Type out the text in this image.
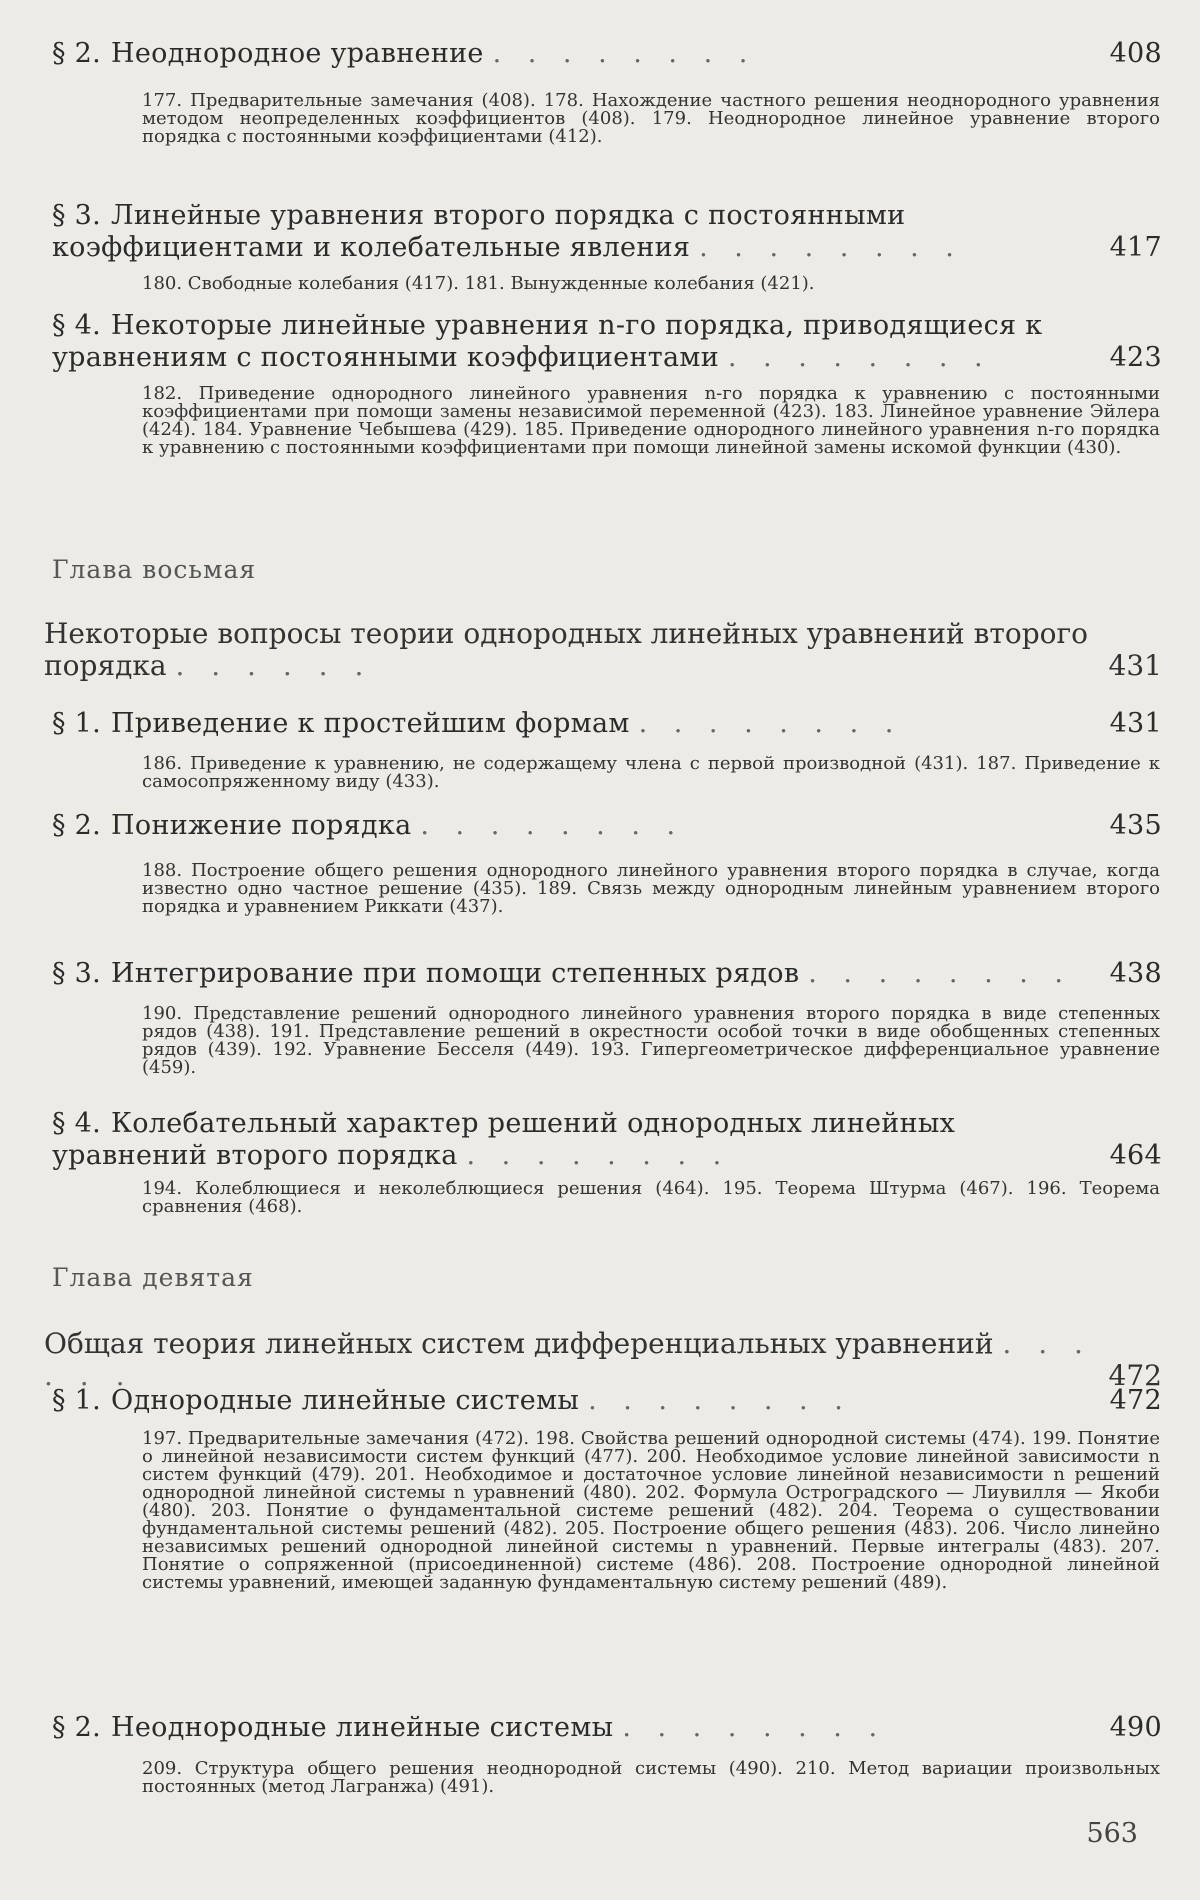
§ 2. Неоднородное уравнение . . . . . . . .	408
177. Предварительные замечания (408). 178. Нахождение частного решения неоднородного уравнения методом неопределенных коэффициентов (408). 179. Неоднородное линейное уравнение второго порядка с постоянными коэффициентами (412).
§ 3. Линейные уравнения второго порядка с постоянными коэффициентами и колебательные явления . . . . . . . .	417
180. Свободные колебания (417). 181. Вынужденные колебания (421).
§ 4. Некоторые линейные уравнения n-го порядка, приводящиеся к уравнениям с постоянными коэффициентами . . . . . . . .	423
182. Приведение однородного линейного уравнения n-го порядка к уравнению с постоянными коэффициентами при помощи замены независимой переменной (423). 183. Линейное уравнение Эйлера (424). 184. Уравнение Чебышева (429). 185. Приведение однородного линейного уравнения n-го порядка к уравнению с постоянными коэффициентами при помощи линейной замены искомой функции (430).
Глава восьмая
Некоторые вопросы теории однородных линейных уравнений второго порядка . . . . . .	431
§ 1. Приведение к простейшим формам . . . . . . . .	431
186. Приведение к уравнению, не содержащему члена с первой производной (431). 187. Приведение к самосопряженному виду (433).
§ 2. Понижение порядка . . . . . . . .	435
188. Построение общего решения однородного линейного уравнения второго порядка в случае, когда известно одно частное решение (435). 189. Связь между однородным линейным уравнением второго порядка и уравнением Риккати (437).
§ 3. Интегрирование при помощи степенных рядов . . . . . . . . 438
190. Представление решений однородного линейного уравнения второго порядка в виде степенных рядов (438). 191. Представление решений в окрестности особой точки в виде обобщенных степенных рядов (439). 192. Уравнение Бесселя (449). 193. Гипергеометрическое дифференциальное уравнение (459).
§ 4. Колебательный характер решений однородных линейных уравнений второго порядка . . . . . . . .	464
194. Колеблющиеся и неколеблющиеся решения (464). 195. Теорема Штурма (467). 196. Теорема сравнения (468).
Глава девятая
Общая теория линейных систем дифференциальных уравнений . . . . . .	472
§ 1. Однородные линейные системы . . . . . . . .	472
197. Предварительные замечания (472). 198. Свойства решений однородной системы (474). 199. Понятие о линейной независимости систем функций (477). 200. Необходимое условие линейной зависимости n систем функций (479). 201. Необходимое и достаточное условие линейной независимости n решений однородной линейной системы n уравнений (480). 202. Формула Остроградского — Лиувилля — Якоби (480). 203. Понятие о фундаментальной системе решений (482). 204. Теорема о существовании фундаментальной системы решений (482). 205. Построение общего решения (483). 206. Число линейно независимых решений однородной линейной системы n уравнений. Первые интегралы (483). 207. Понятие о сопряженной (присоединенной) системе (486). 208. Построение однородной линейной системы уравнений, имеющей заданную фундаментальную систему решений (489).
§ 2. Неоднородные линейные системы . . . . . . . .	490
209. Структура общего решения неоднородной системы (490). 210. Метод вариации произвольных постоянных (метод Лагранжа) (491).
563
